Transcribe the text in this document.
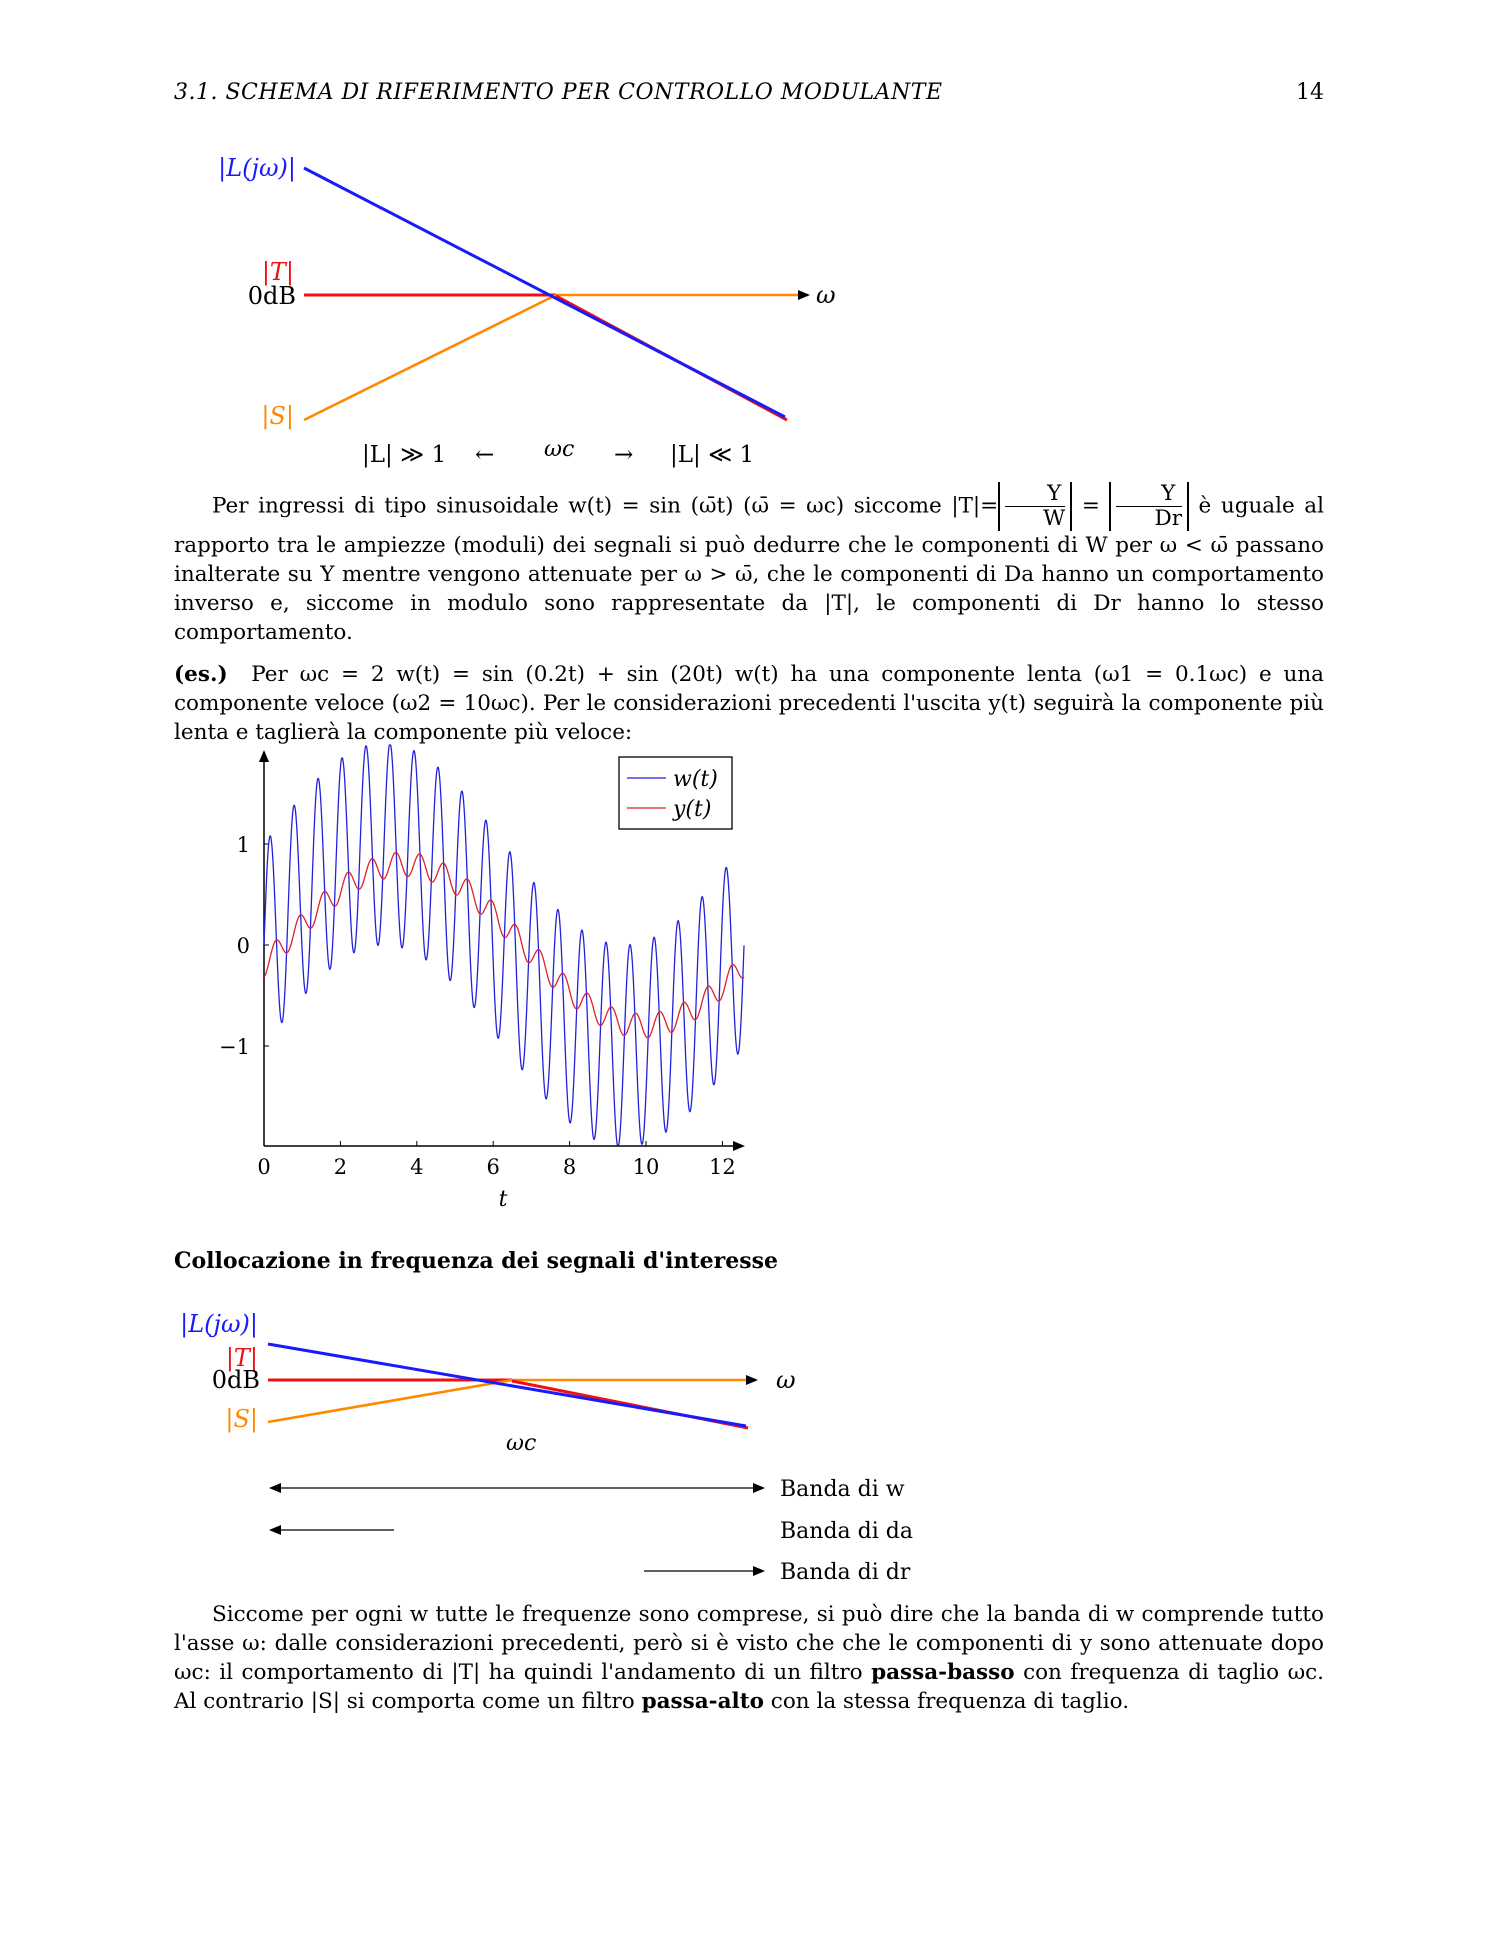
3.1. SCHEMA DI RIFERIMENTO PER CONTROLLO MODULANTE	14
|L(jω)|
|T|
0dB
|S|
ω
|L| ≫ 1 ← ωc → |L| ≪ 1

Per ingressi di tipo sinusoidale w(t) = sin (ω̄t) (ω̄ = ωc) siccome $|T|= \frac{Y}{W} = \frac{Y}{Dr}$ è uguale al rapporto tra le ampiezze (moduli) dei segnali si può dedurre che le componenti di W per ω < ω̄ passano inalterate su Y mentre vengono attenuate per ω > ω̄, che le componenti di Da hanno un comportamento inverso e, siccome in modulo sono rappresentate da |T|, le componenti di Dr hanno lo stesso comportamento.

(es.) Per ωc = 2 w(t) = sin (0.2t) + sin (20t) w(t) ha una componente lenta (ω1 = 0.1ωc) e una componente veloce (ω2 = 10ωc). Per le considerazioni precedenti l'uscita y(t) seguirà la componente più lenta e taglierà la componente più veloce:

0	2	4	6	8	10 12
1
0
−1
w(t)
y(t)
t
Collocazione in frequenza dei segnali d'interesse
|L(jω)|
|T|
0dB
|S|
ω
ωc
Banda di w
Banda di da
Banda di dr

Siccome per ogni w tutte le frequenze sono comprese, si può dire che la banda di w comprende tutto l'asse ω: dalle considerazioni precedenti, però si è visto che che le componenti di y sono attenuate dopo ωc: il comportamento di |T| ha quindi l'andamento di un filtro passa-basso con frequenza di taglio ωc. Al contrario |S| si comporta come un filtro passa-alto con la stessa frequenza di taglio.
